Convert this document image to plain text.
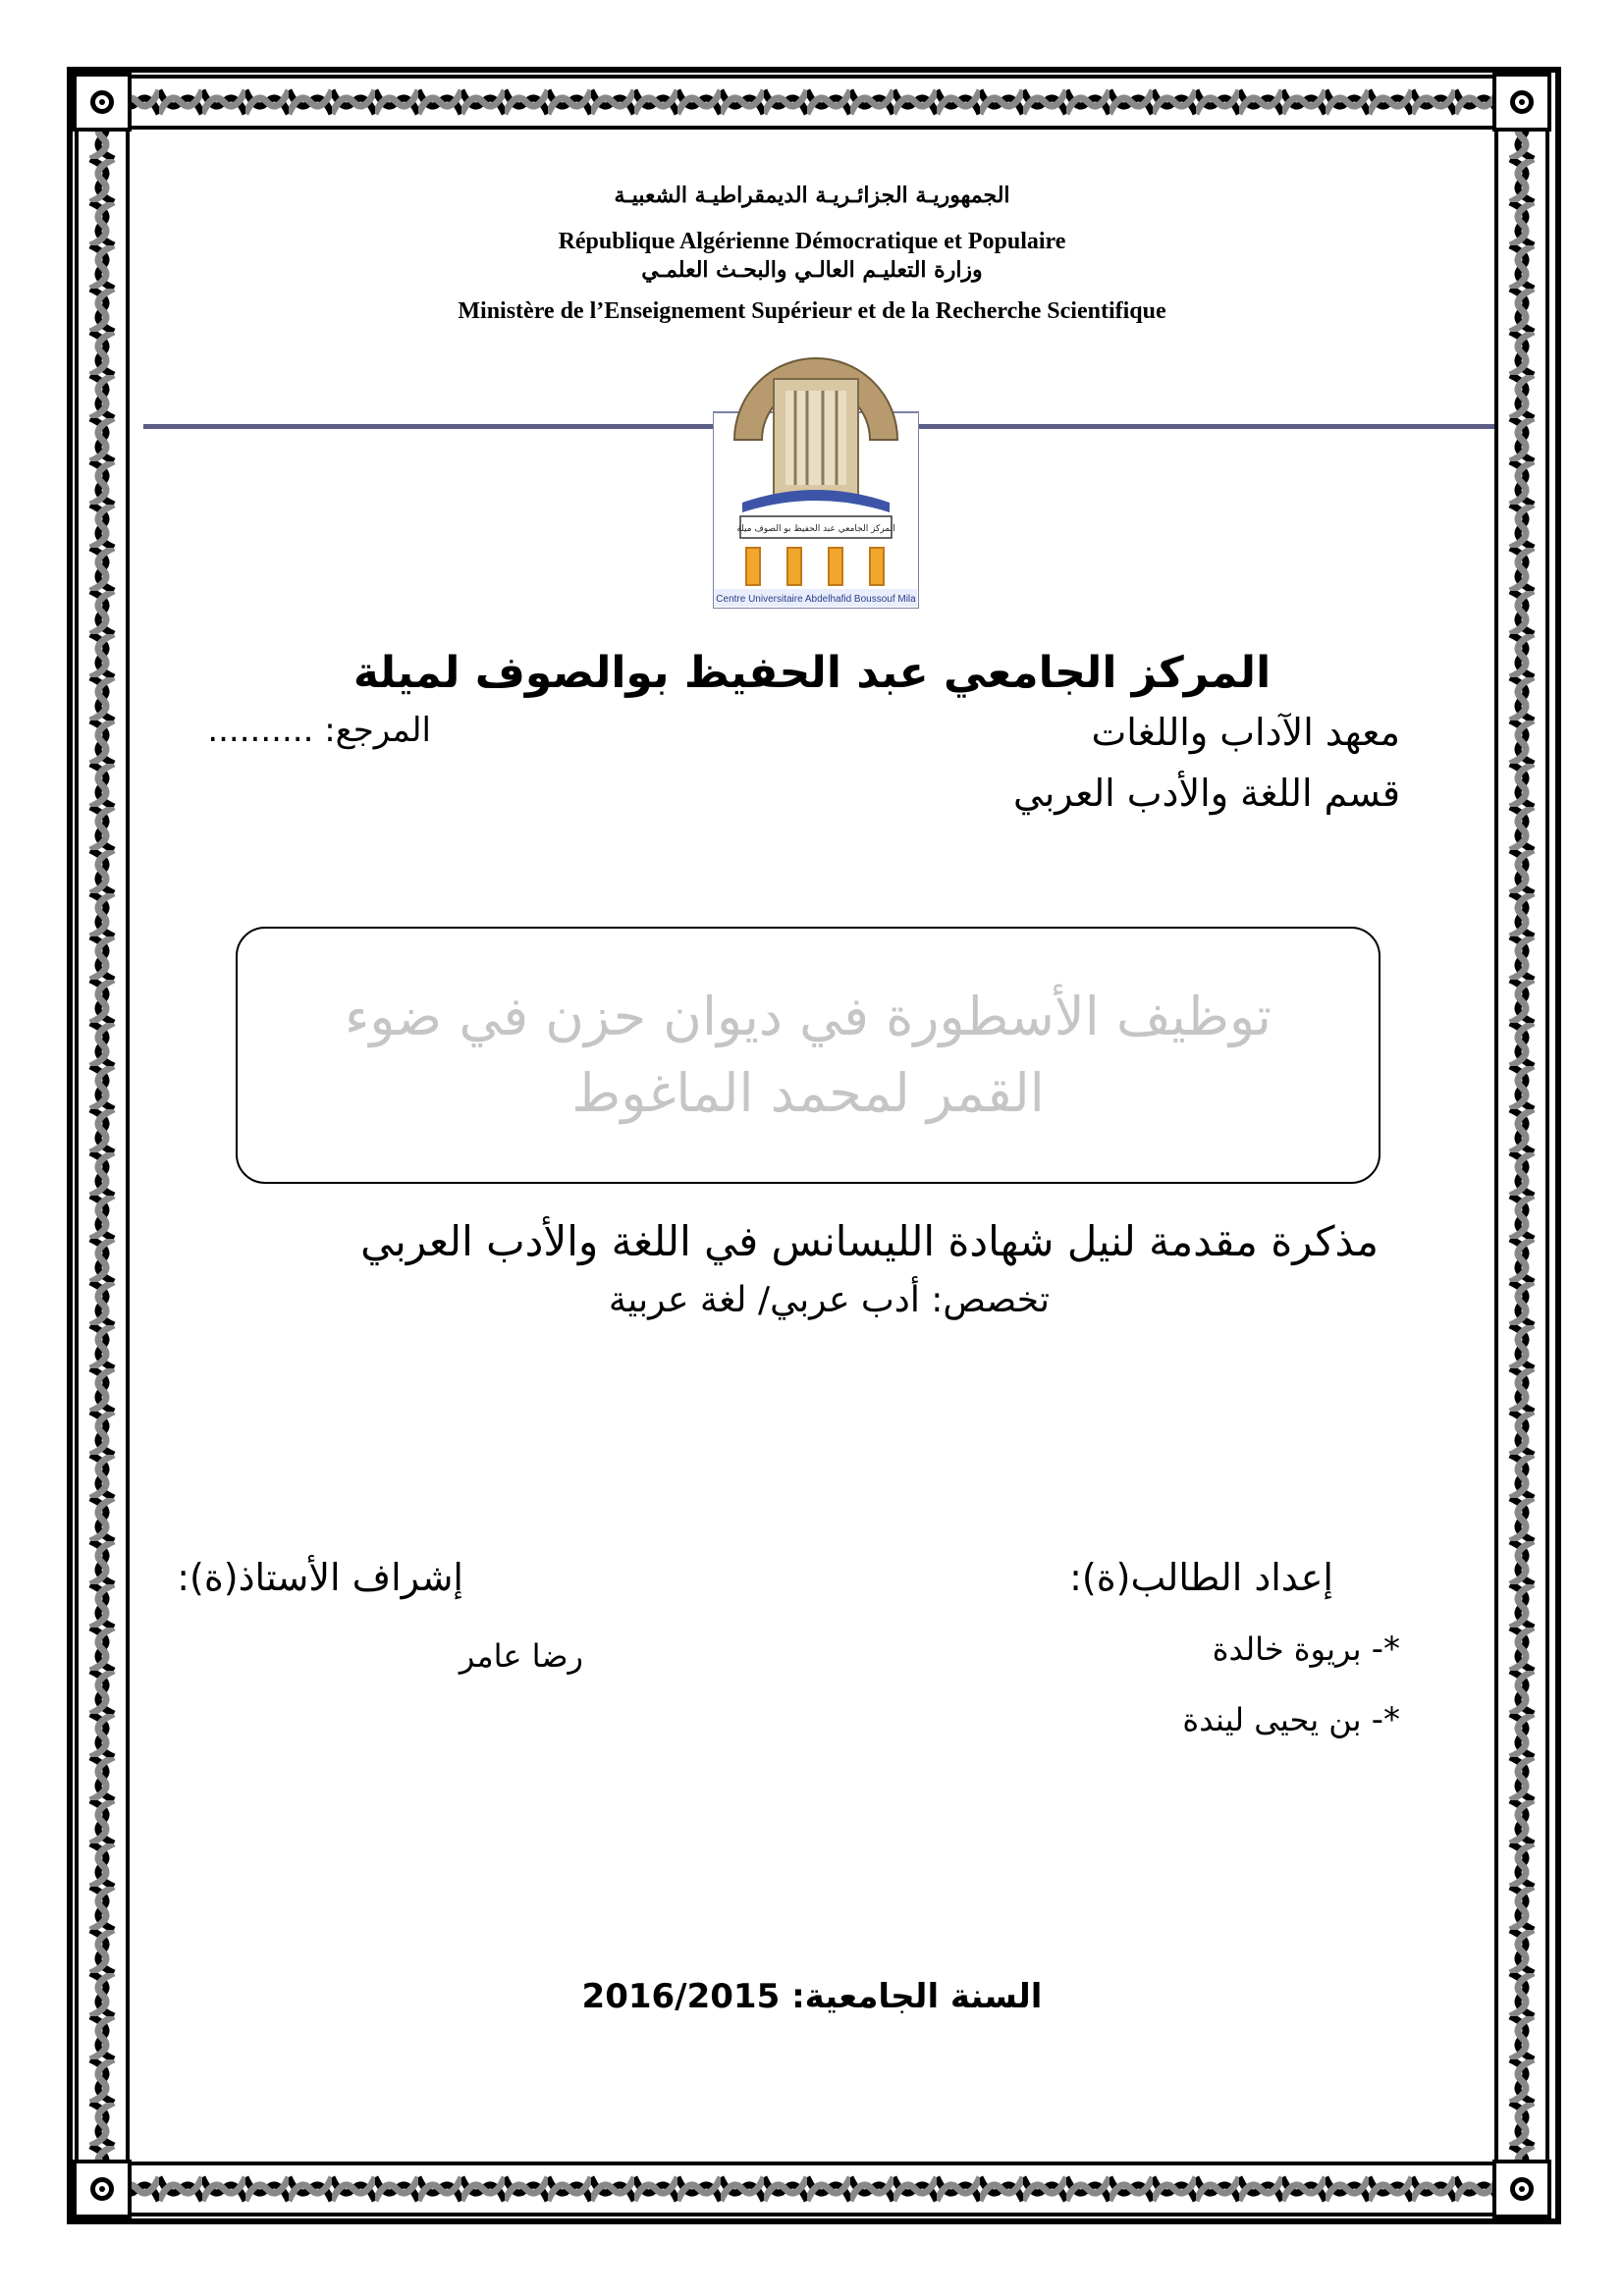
الجمهوريـة الجزائـريـة الديمقراطيـة الشعبيـة
République Algérienne Démocratique et Populaire
وزارة التعليـم العالـي والبحـث العلمـي
Ministère de l’Enseignement Supérieur et de la Recherche Scientifique
المركز الجامعي عبد الحفيظ بو الصوف ميلة
Centre Universitaire Abdelhafid Boussouf Mila
المركز الجامعي عبد الحفيظ بوالصوف لميلة
معهد الآداب واللغات
المرجع: ..........
قسم اللغة والأدب العربي
توظيف الأسطورة في ديوان حزن في ضوء
القمر لمحمد الماغوط
مذكرة مقدمة لنيل شهادة الليسانس في اللغة والأدب العربي
تخصص: أدب عربي/ لغة عربية
إعداد الطالب(ة):
إشراف الأستاذ(ة):
*- بريوة خالدة
*- بن يحيى ليندة
رضا عامر
السنة الجامعية: 2016/2015
